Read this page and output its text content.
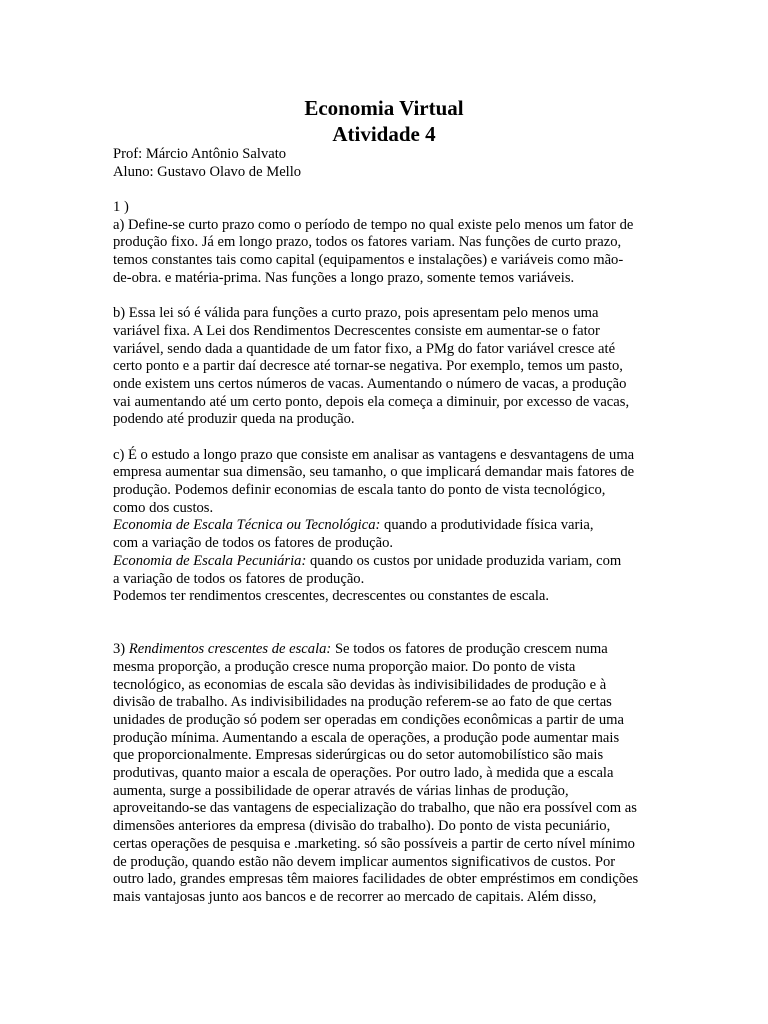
Economia Virtual
Atividade 4
Prof: Márcio Antônio Salvato
Aluno: Gustavo Olavo de Mello
1 )
a) Define-se curto prazo como o período de tempo no qual existe pelo menos um fator de
produção fixo. Já em longo prazo, todos os fatores variam. Nas funções de curto prazo,
temos constantes tais como capital (equipamentos e instalações) e variáveis como mão-
de-obra. e matéria-prima. Nas funções a longo prazo, somente temos variáveis.
b) Essa lei só é válida para funções a curto prazo, pois apresentam pelo menos uma
variável fixa. A Lei dos Rendimentos Decrescentes consiste em aumentar-se o fator
variável, sendo dada a quantidade de um fator fixo, a PMg do fator variável cresce até
certo ponto e a partir daí decresce até tornar-se negativa. Por exemplo, temos um pasto,
onde existem uns certos números de vacas. Aumentando o número de vacas, a produção
vai aumentando até um certo ponto, depois ela começa a diminuir, por excesso de vacas,
podendo até produzir queda na produção.
c) É o estudo a longo prazo que consiste em analisar as vantagens e desvantagens de uma
empresa aumentar sua dimensão, seu tamanho, o que implicará demandar mais fatores de
produção. Podemos definir economias de escala tanto do ponto de vista tecnológico,
como dos custos.
Economia de Escala Técnica ou Tecnológica: quando a produtividade física varia,
com a variação de todos os fatores de produção.
Economia de Escala Pecuniária: quando os custos por unidade produzida variam, com
a variação de todos os fatores de produção.
Podemos ter rendimentos crescentes, decrescentes ou constantes de escala.
3) Rendimentos crescentes de escala: Se todos os fatores de produção crescem numa
mesma proporção, a produção cresce numa proporção maior. Do ponto de vista
tecnológico, as economias de escala são devidas às indivisibilidades de produção e à
divisão de trabalho. As indivisibilidades na produção referem-se ao fato de que certas
unidades de produção só podem ser operadas em condições econômicas a partir de uma
produção mínima. Aumentando a escala de operações, a produção pode aumentar mais
que proporcionalmente. Empresas siderúrgicas ou do setor automobilístico são mais
produtivas, quanto maior a escala de operações. Por outro lado, à medida que a escala
aumenta, surge a possibilidade de operar através de várias linhas de produção,
aproveitando-se das vantagens de especialização do trabalho, que não era possível com as
dimensões anteriores da empresa (divisão do trabalho). Do ponto de vista pecuniário,
certas operações de pesquisa e .marketing. só são possíveis a partir de certo nível mínimo
de produção, quando estão não devem implicar aumentos significativos de custos. Por
outro lado, grandes empresas têm maiores facilidades de obter empréstimos em condições
mais vantajosas junto aos bancos e de recorrer ao mercado de capitais. Além disso,
